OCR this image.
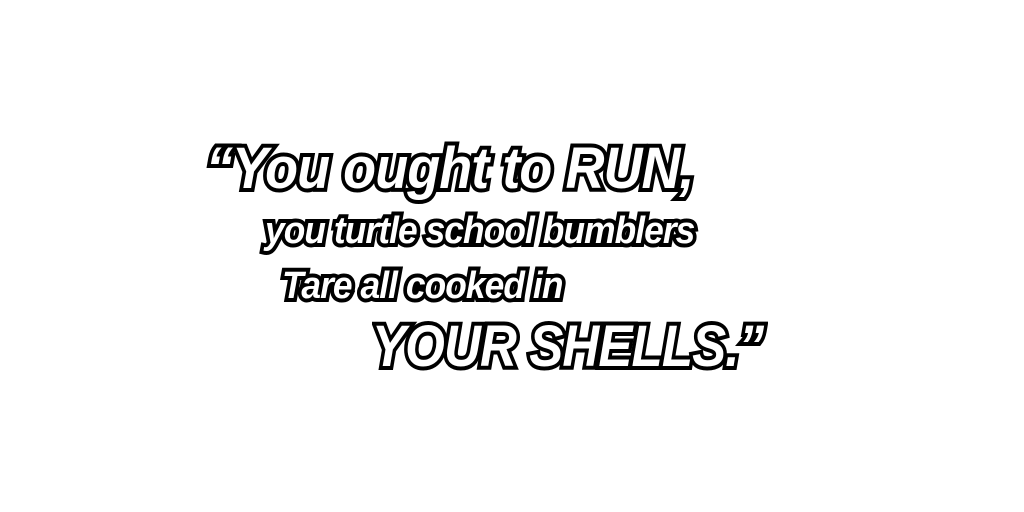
“You ought to RUN,
you turtle school bumblers
Tare all cooked in
YOUR SHELLS.”
